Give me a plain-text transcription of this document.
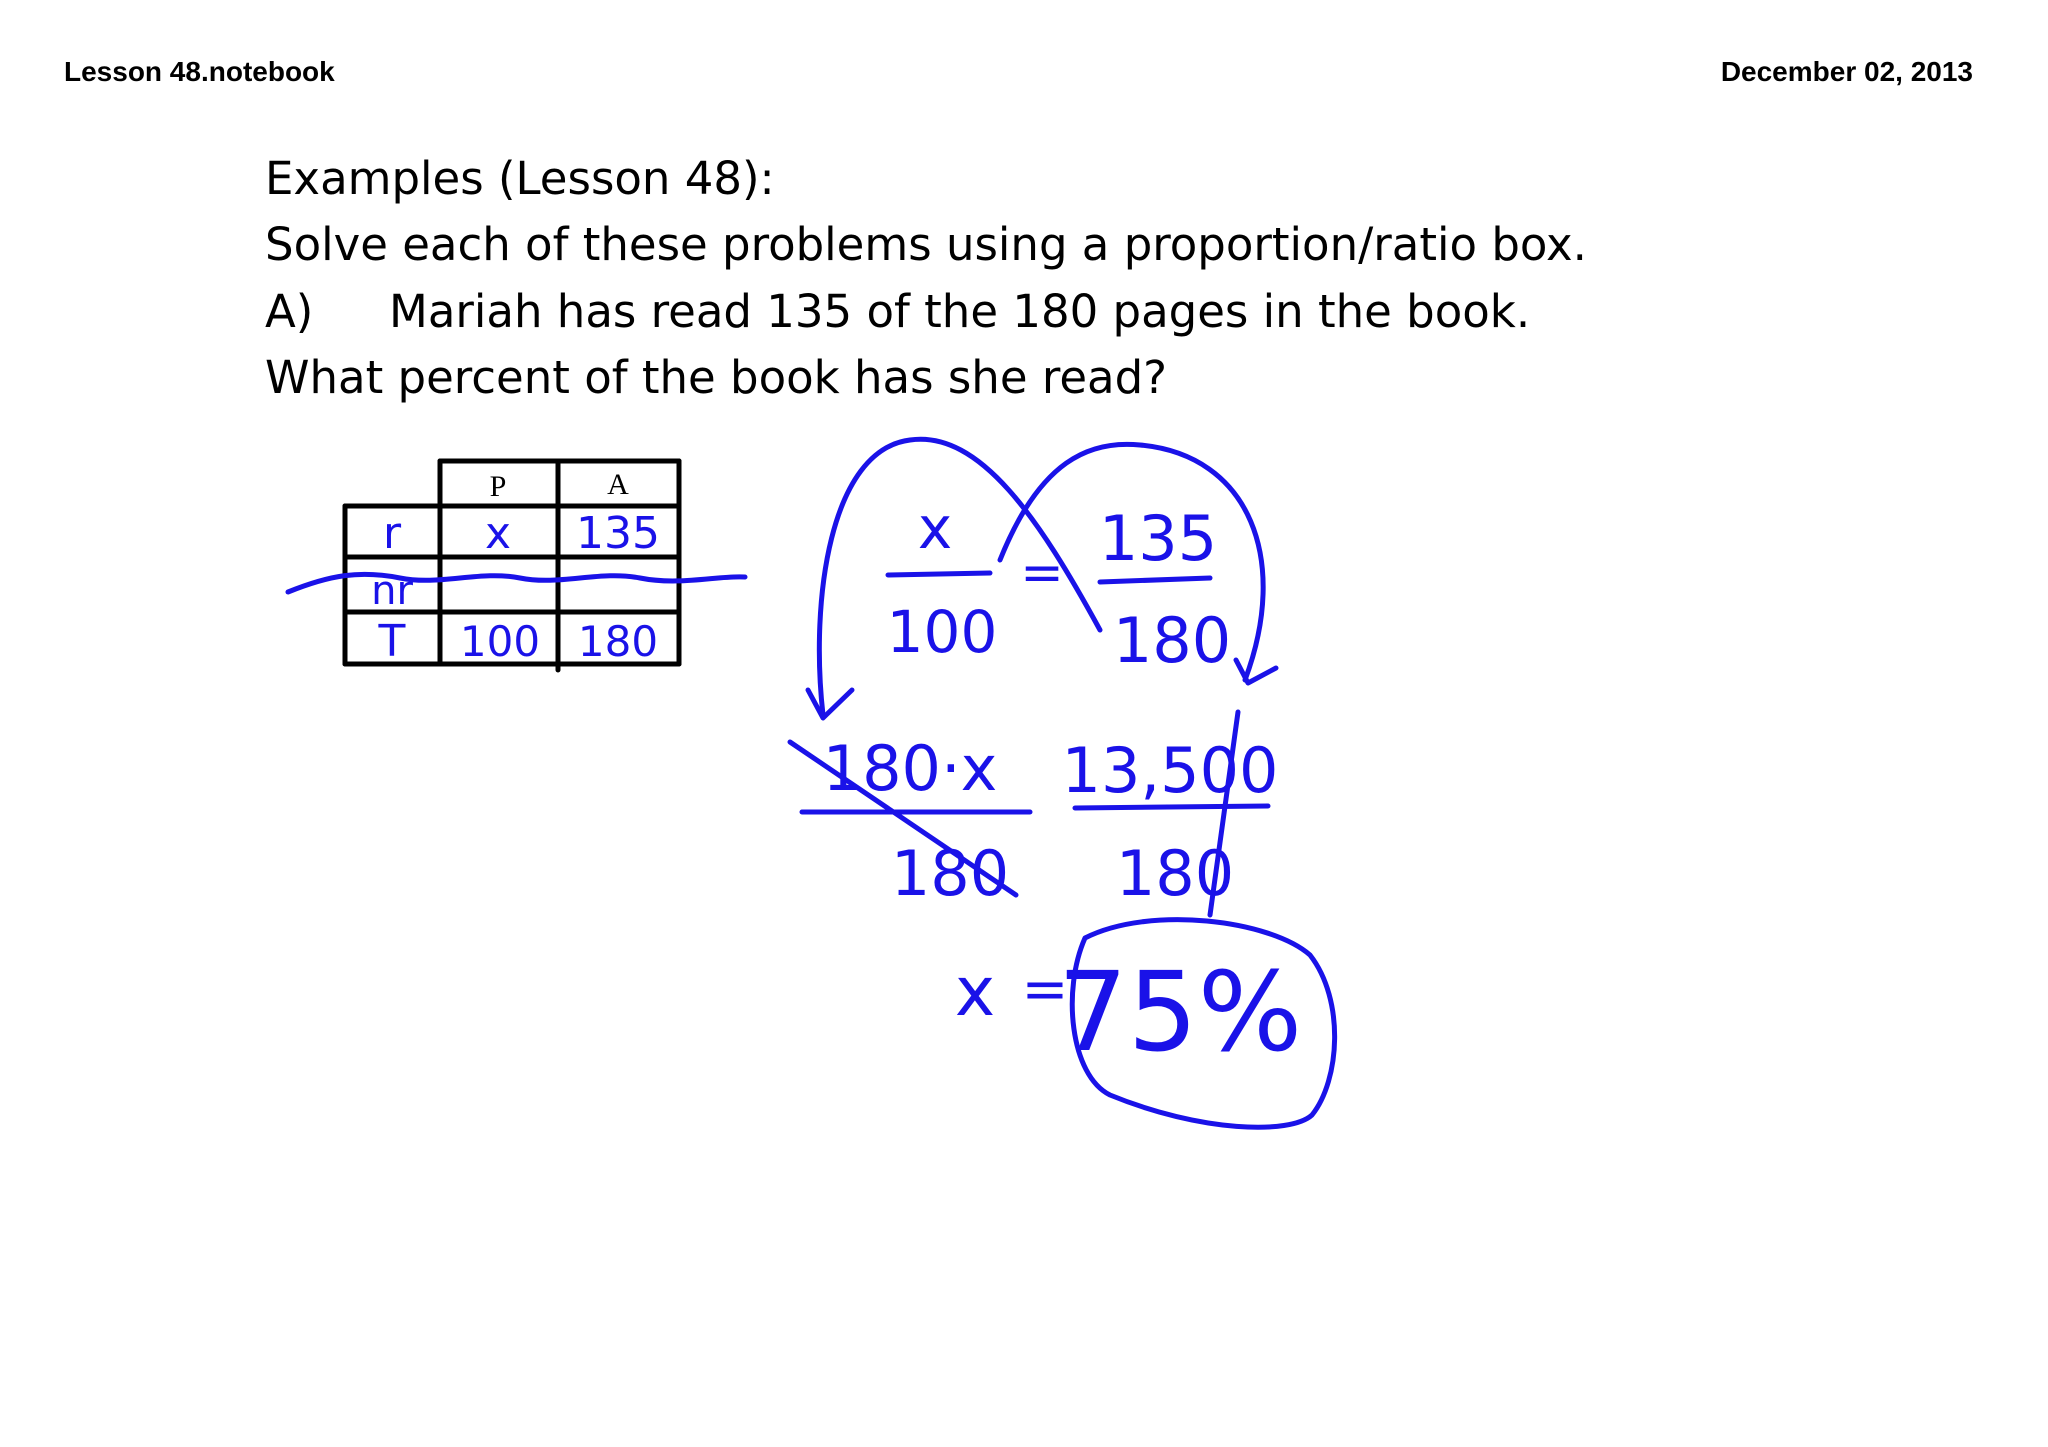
Lesson 48.notebook	December 02, 2013
Examples (Lesson 48):
Solve each of these problems using a proportion/ratio box.
A) Mariah has read 135 of the 180 pages in the book.
What percent of the book has she read?
P	A
r x 135
nr
T 100 180
x
100
= 135
180
180·x 13,500
180 180
x =
75%
